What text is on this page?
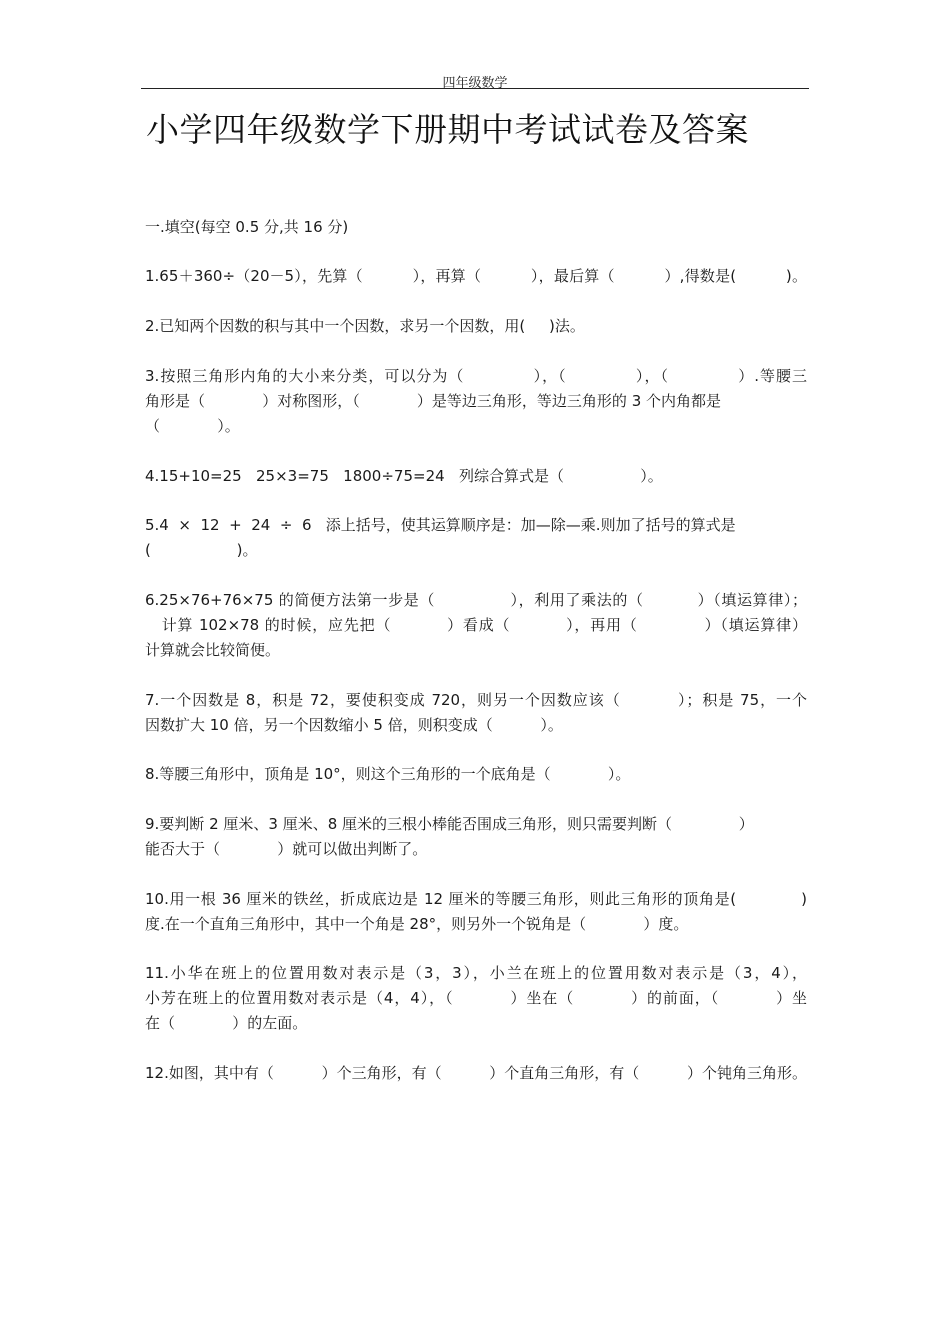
四年级数学
小学四年级数学下册期中考试试卷及答案
一.填空(每空 0.5 分,共 16 分)
1.65＋360÷（20－5），先算（          ），再算（          ），最后算（          ）,得数是(          )。
2.已知两个因数的积与其中一个因数，求另一个因数，用(     )法。
3.按照三角形内角的大小来分类，可以分为（            ），（            ），（            ）.等腰三
角形是（            ）对称图形，（            ）是等边三角形，等边三角形的 3 个内角都是
（            ）。
4.15+10=25   25×3=75   1800÷75=24   列综合算式是（                ）。
5.4  ×  12  +  24  ÷  6   添上括号，使其运算顺序是：加—除—乘.则加了括号的算式是
(                  )。
6.25×76+76×75 的简便方法第一步是（              ），利用了乘法的（          ）（填运算律）；
计算 102×78 的时候，应先把（          ）看成（          ），再用（            ）（填运算律）
计算就会比较简便。
7.一个因数是 8，积是 72，要使积变成 720，则另一个因数应该（          ）；积是 75，一个
因数扩大 10 倍，另一个因数缩小 5 倍，则积变成（          ）。
8.等腰三角形中，顶角是 10°，则这个三角形的一个底角是（            ）。
9.要判断 2 厘米、3 厘米、8 厘米的三根小棒能否围成三角形，则只需要判断（              ）
能否大于（            ）就可以做出判断了。
10.用一根 36 厘米的铁丝，折成底边是 12 厘米的等腰三角形，则此三角形的顶角是(            )
度.在一个直角三角形中，其中一个角是 28°，则另外一个锐角是（            ）度。
11.小华在班上的位置用数对表示是（3，3），小兰在班上的位置用数对表示是（3，4），
小芳在班上的位置用数对表示是（4，4），（          ）坐在（          ）的前面，（          ）坐
在（            ）的左面。
12.如图，其中有（          ）个三角形，有（          ）个直角三角形，有（          ）个钝角三角形。
